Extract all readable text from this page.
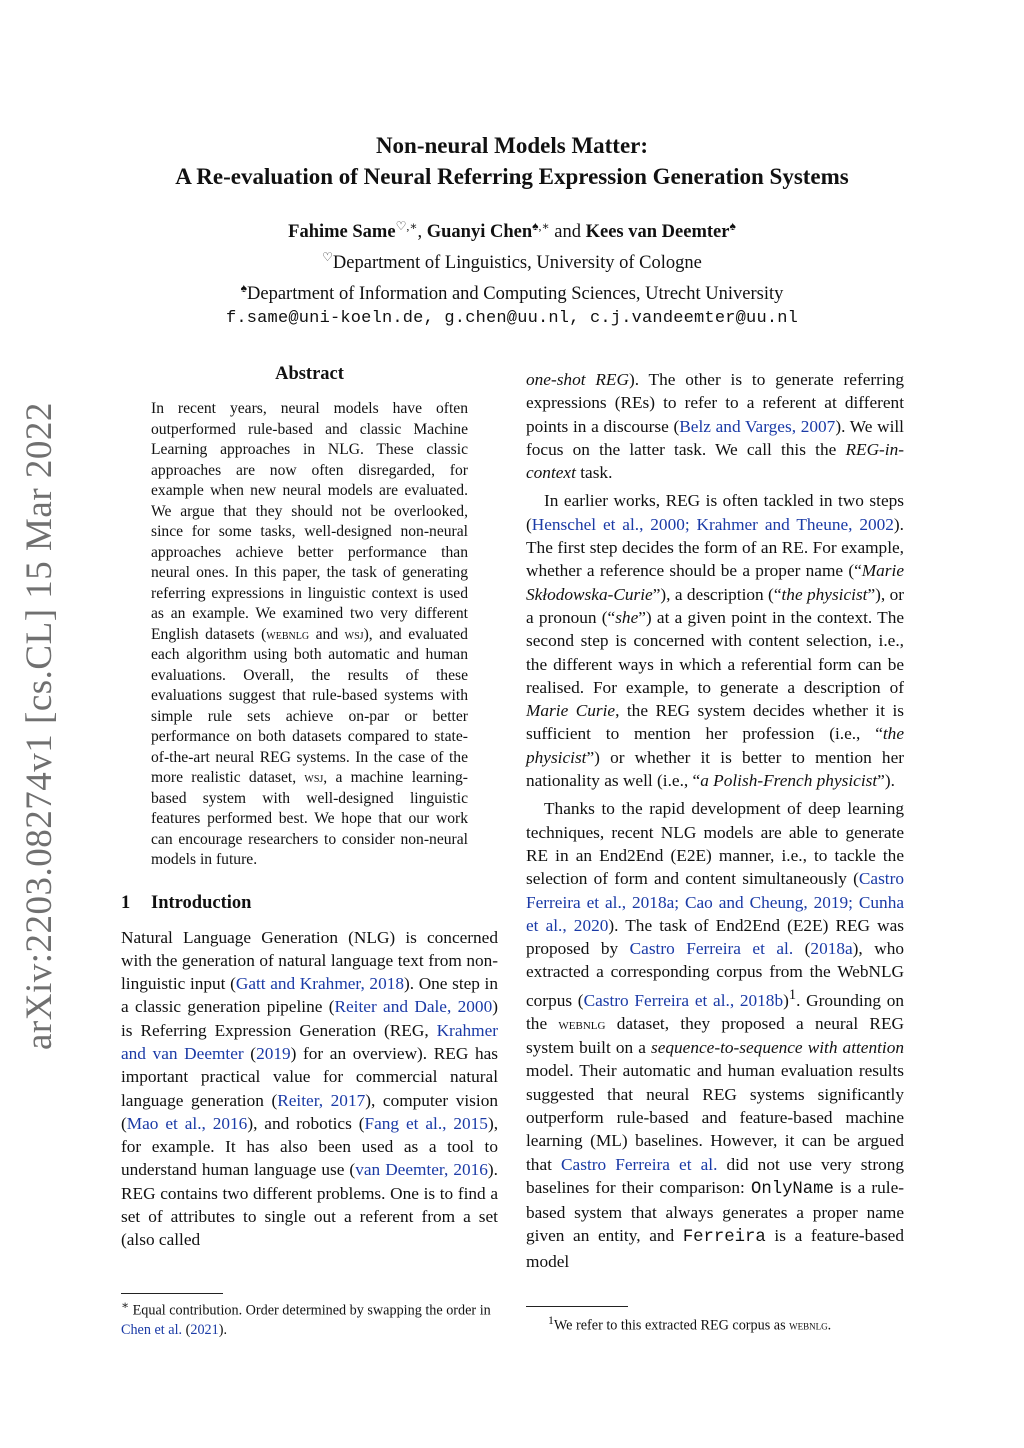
arXiv:2203.08274v1 [cs.CL] 15 Mar 2022
Non-neural Models Matter:
A Re-evaluation of Neural Referring Expression Generation Systems
Fahime Same♡,∗, Guanyi Chen♠,∗ and Kees van Deemter♠
♡Department of Linguistics, University of Cologne
♠Department of Information and Computing Sciences, Utrecht University
f.same@uni-koeln.de, g.chen@uu.nl, c.j.vandeemter@uu.nl
Abstract

In recent years, neural models have often outperformed rule-based and classic Machine Learning approaches in NLG. These classic approaches are now often disregarded, for example when new neural models are evaluated. We argue that they should not be overlooked, since for some tasks, well-designed non-neural approaches achieve better performance than neural ones. In this paper, the task of generating referring expressions in linguistic context is used as an example. We examined two very different English datasets (webnlg and wsj), and evaluated each algorithm using both automatic and human evaluations. Overall, the results of these evaluations suggest that rule-based systems with simple rule sets achieve on-par or better performance on both datasets compared to state-of-the-art neural REG systems. In the case of the more realistic dataset, wsj, a machine learning-based system with well-designed linguistic features performed best. We hope that our work can encourage researchers to consider non-neural models in future.

1 Introduction

Natural Language Generation (NLG) is concerned with the generation of natural language text from non-linguistic input (Gatt and Krahmer, 2018). One step in a classic generation pipeline (Reiter and Dale, 2000) is Referring Expression Generation (REG, Krahmer and van Deemter (2019) for an overview). REG has important practical value for commercial natural language generation (Reiter, 2017), computer vision (Mao et al., 2016), and robotics (Fang et al., 2015), for example. It has also been used as a tool to understand human language use (van Deemter, 2016). REG contains two different problems. One is to find a set of attributes to single out a referent from a set (also called

one-shot REG). The other is to generate referring expressions (REs) to refer to a referent at different points in a discourse (Belz and Varges, 2007). We will focus on the latter task. We call this the REG-in-context task.

In earlier works, REG is often tackled in two steps (Henschel et al., 2000; Krahmer and Theune, 2002). The first step decides the form of an RE. For example, whether a reference should be a proper name (“Marie Skłodowska-Curie”), a description (“the physicist”), or a pronoun (“she”) at a given point in the context. The second step is concerned with content selection, i.e., the different ways in which a referential form can be realised. For example, to generate a description of Marie Curie, the REG system decides whether it is sufficient to mention her profession (i.e., “the physicist”) or whether it is better to mention her nationality as well (i.e., “a Polish-French physicist”).

Thanks to the rapid development of deep learning techniques, recent NLG models are able to generate RE in an End2End (E2E) manner, i.e., to tackle the selection of form and content simultaneously (Castro Ferreira et al., 2018a; Cao and Cheung, 2019; Cunha et al., 2020). The task of End2End (E2E) REG was proposed by Castro Ferreira et al. (2018a), who extracted a corresponding corpus from the WebNLG corpus (Castro Ferreira et al., 2018b)$^1$. Grounding on the webnlg dataset, they proposed a neural REG system built on a sequence-to-sequence with attention model. Their automatic and human evaluation results suggested that neural REG systems significantly outperform rule-based and feature-based machine learning (ML) baselines. However, it can be argued that Castro Ferreira et al. did not use very strong baselines for their comparison: OnlyName is a rule-based system that always generates a proper name given an entity, and Ferreira is a feature-based model

∗ Equal contribution. Order determined by swapping the order in Chen et al. (2021).
$^1$We refer to this extracted REG corpus as webnlg.
